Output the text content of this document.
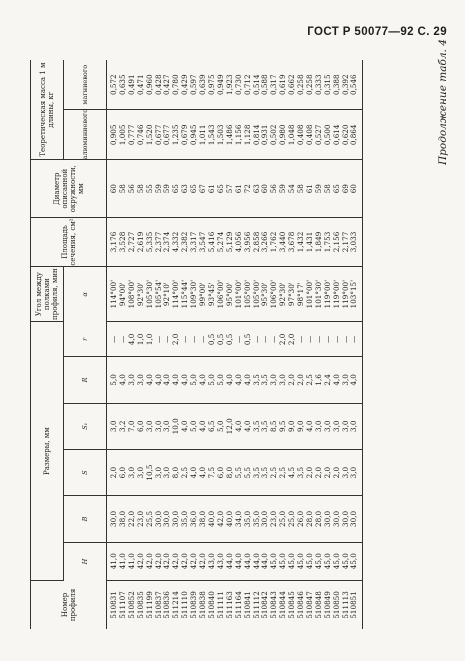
ГОСТ Р 50077—92 С. 29
Продолжение табл. 4
Номер профиля	Размеры, мм						Угол между полками профиля, мин	Площадь сечения, см²	Диаметр описанной окружности, мм	Теоретическая масса 1 м длины, кг	
	H	B	S	S₁	R	r				алюминиевого	магниевого
							α				
510831	41,0	30,0	2,0	3,0	5,0	—	114°00'	3,176	60	0,905	0,572
511107	41,0	38,0	6,0	3,2	4,0	—	94°00'	3,528	58	1,005	0,635
510852	41,0	22,0	3,0	7,0	3,0	4,0	108°00'	2,727	56	0,777	0,491
510835	42,0	23,0	3,0	6,0	3,0	1,0	92°30'	2,619	58	0,746	0,471
511199	42,0	25,5	10,5	3,0	4,0	1,0	105°30'	5,335	55	1,520	0,960
510837	42,0	30,0	3,0	3,0	4,0	—	105°54'	2,377	59	0,677	0,428
510836	42,0	30,0	3,0	3,0	4,0	—	92°10'	2,374	59	0,677	0,427
511214	42,0	30,0	8,0	10,0	4,0	2,0	114°00'	4,332	65	1,235	0,780
511110	42,0	35,0	2,5	4,0	4,0	—	115°44'	2,382	63	0,679	0,429
510839	42,0	36,0	4,0	5,0	5,0	—	109°30'	3,317	65	0,945	0,597
510838	42,0	38,0	4,0	4,0	4,0	—	99°00'	3,547	67	1,011	0,639
510840	43,0	40,0	7,5	6,5	5,0	0,5	93°45'	5,416	61	1,543	0,975
511111	43,0	42,0	6,0	5,0	5,0	0,5	106°00'	5,274	65	1,503	0,949
511163	44,0	40,0	8,0	12,0	4,0	0,5	95°00'	5,129	57	1,486	1,923
511164	44,0	34,0	5,5	4,0	4,0	—	101°00'	4,056	61	1,156	0,730
510841	44,0	35,0	5,5	4,0	4,0	0,5	105°00'	3,956	72	1,128	0,712
511112	44,0	35,0	3,5	3,5	3,5	—	105°00'	2,858	63	0,814	0,514
510842	44,0	30,0	3,5	3,5	3,5	—	95°30'	3,266	60	0,931	0,588
510843	45,0	23,0	2,5	8,5	3,0	—	106°00'	1,762	56	0,502	0,317
510844	45,0	25,0	2,5	9,5	3,0	2,0	92°30'	3,440	59	0,980	0,619
510845	45,0	25,0	4,5	9,0	2,0	2,0	97°30'	3,678	54	1,048	0,662
510846	45,0	26,0	3,5	9,0	2,0	—	98°17'	1,432	58	0,408	0,258
510847	45,0	28,0	2,0	4,0	2,5	—	101°00'	1,431	61	0,408	0,258
510848	45,0	28,0	2,0	3,0	1,6	—	101°30'	1,849	59	0,527	0,333
510849	45,0	30,0	2,0	3,0	2,4	—	119°00'	1,753	58	0,500	0,315
510850	45,0	30,0	2,0	3,0	4,0	—	119°00'	2,156	65	0,614	0,388
511113	45,0	30,0	3,0	3,0	3,0	—	119°00'	2,177	69	0,620	0,392
510851	45,0	30,0	3,0	3,0	4,0	—	103°15'	3,033	60	0,864	0,546
